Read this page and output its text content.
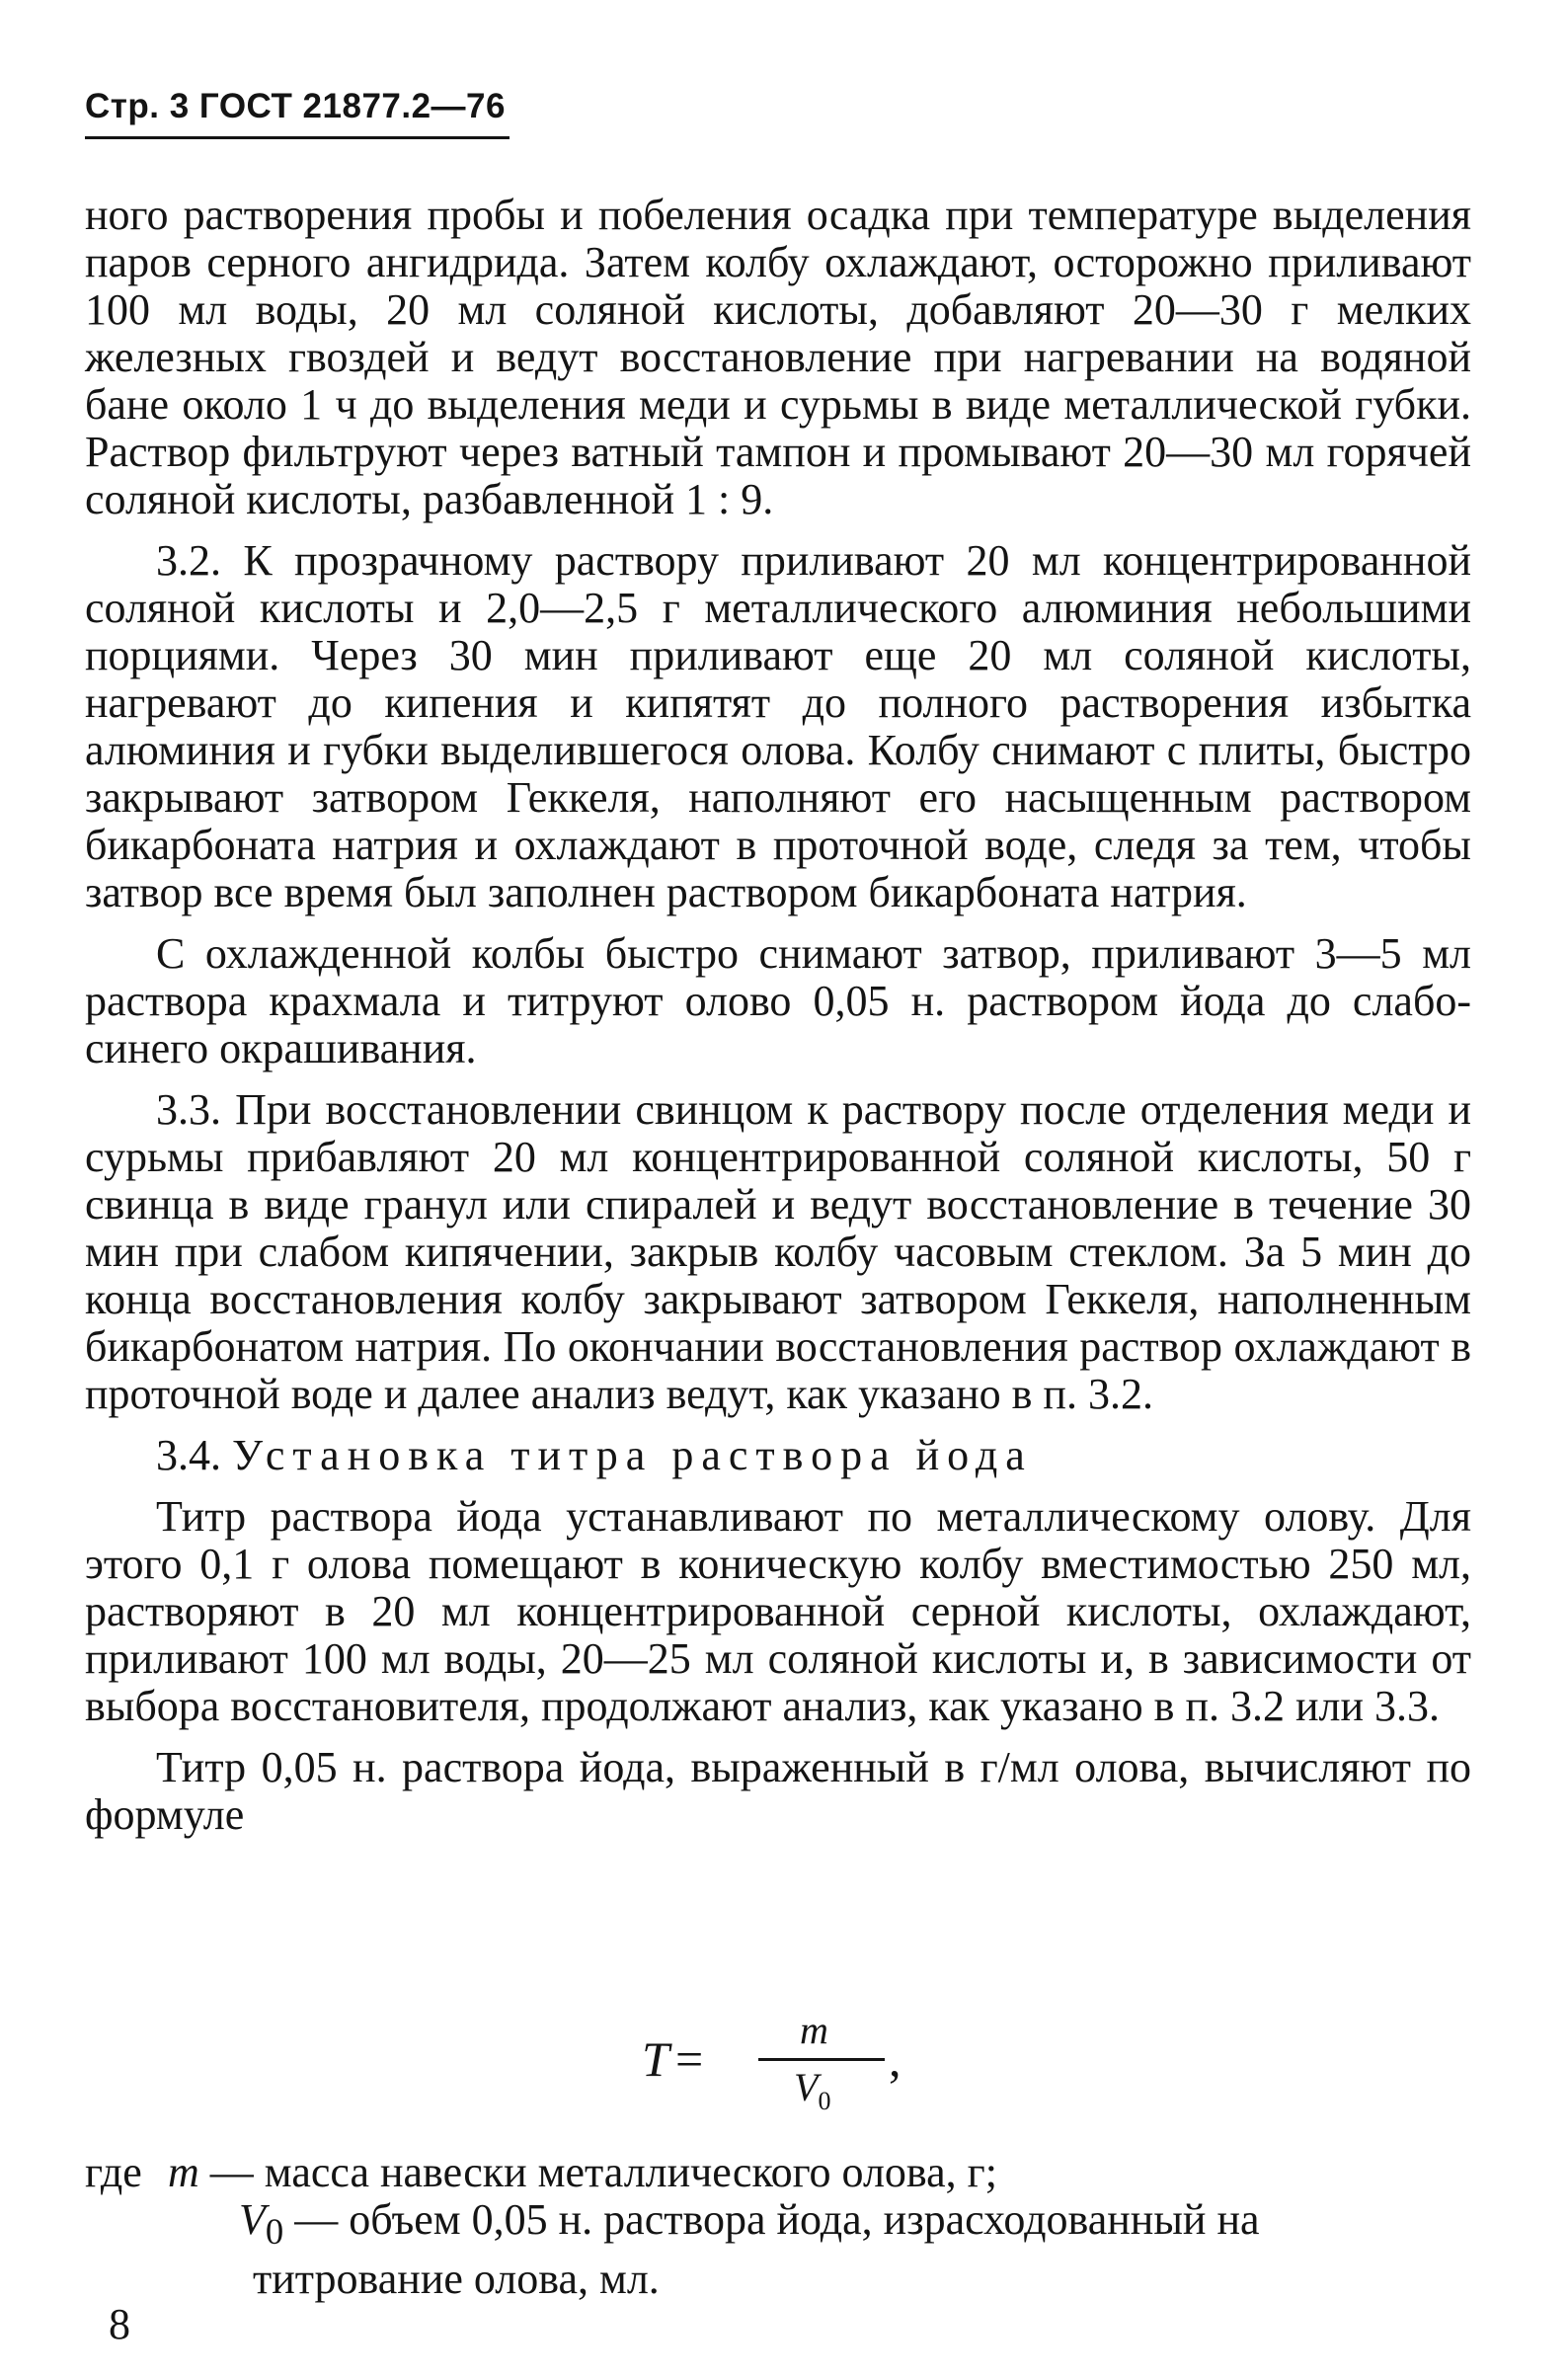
Стр. 3 ГОСТ 21877.2—76

ного растворения пробы и побеления осадка при температуре выделения паров серного ангидрида. Затем колбу охлаждают, осторожно приливают 100 мл воды, 20 мл соляной кислоты, добавляют 20—30 г мелких железных гвоздей и ведут восстановление при нагревании на водяной бане около 1 ч до выделения меди и сурьмы в виде металлической губки. Раствор фильтруют через ватный тампон и промывают 20—30 мл горячей соляной кислоты, разбавленной 1 : 9.

3.2. К прозрачному раствору приливают 20 мл концентрированной соляной кислоты и 2,0—2,5 г металлического алюминия небольшими порциями. Через 30 мин приливают еще 20 мл соляной кислоты, нагревают до кипения и кипятят до полного растворения избытка алюминия и губки выделившегося олова. Колбу снимают с плиты, быстро закрывают затвором Геккеля, наполняют его насыщенным раствором бикарбоната натрия и охлаждают в проточной воде, следя за тем, чтобы затвор все время был заполнен раствором бикарбоната натрия.

С охлажденной колбы быстро снимают затвор, приливают 3—5 мл раствора крахмала и титруют олово 0,05 н. раствором йода до слабо-синего окрашивания.

3.3. При восстановлении свинцом к раствору после отделения меди и сурьмы прибавляют 20 мл концентрированной соляной кислоты, 50 г свинца в виде гранул или спиралей и ведут восстановление в течение 30 мин при слабом кипячении, закрыв колбу часовым стеклом. За 5 мин до конца восстановления колбу закрывают затвором Геккеля, наполненным бикарбонатом натрия. По окончании восстановления раствор охлаждают в проточной воде и далее анализ ведут, как указано в п. 3.2.

3.4. Установка титра раствора йода

Титр раствора йода устанавливают по металлическому олову. Для этого 0,1 г олова помещают в коническую колбу вместимостью 250 мл, растворяют в 20 мл концентрированной серной кислоты, охлаждают, приливают 100 мл воды, 20—25 мл соляной кислоты и, в зависимости от выбора восстановителя, продолжают анализ, как указано в п. 3.2 или 3.3.

Титр 0,05 н. раствора йода, выраженный в г/мл олова, вычисляют по формуле

T =
m
$V_0$
,
где m — масса навески металлического олова, г;
$V_0$ — объем 0,05 н. раствора йода, израсходованный на титрование олова, мл.
8
